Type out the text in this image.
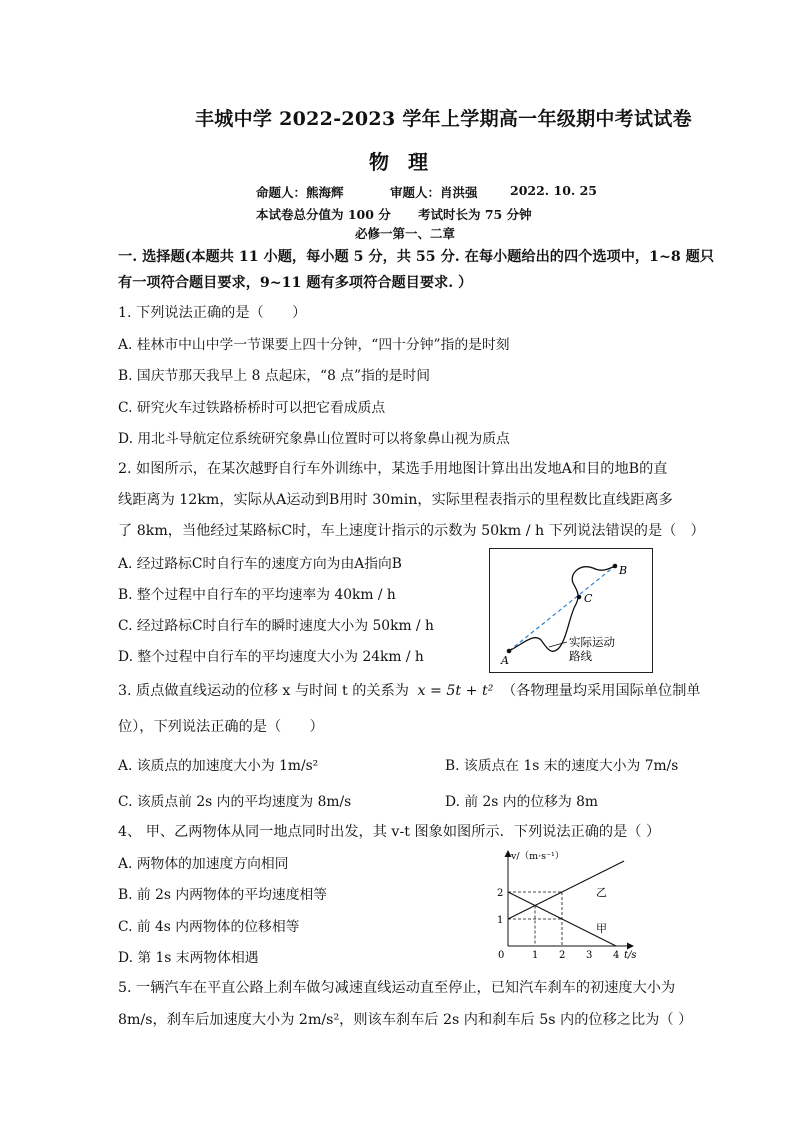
丰城中学 2022-2023 学年上学期高一年级期中考试试卷
物 理
命题人：熊海辉	审题人：肖洪强	2022. 10. 25
本试卷总分值为 100 分 考试时长为 75 分钟
必修一第一、二章
一. 选择题(本题共 11 小题，每小题 5 分，共 55 分. 在每小题给出的四个选项中，1~8 题只
有一项符合题目要求，9~11 题有多项符合题目要求. ）
1. 下列说法正确的是（　　）
A. 桂林市中山中学一节课要上四十分钟，“四十分钟”指的是时刻
B. 国庆节那天我早上 8 点起床，“8 点”指的是时间
C. 研究火车过铁路桥桥时可以把它看成质点
D. 用北斗导航定位系统研究象鼻山位置时可以将象鼻山视为质点
2. 如图所示，在某次越野自行车外训练中，某选手用地图计算出出发地A和目的地B的直
线距离为 12km，实际从A运动到B用时 30min，实际里程表指示的里程数比直线距离多
了 8km，当他经过某路标C时，车上速度计指示的示数为 50km / h 下列说法错误的是（　）
A. 经过路标C时自行车的速度方向为由A指向B
B. 整个过程中自行车的平均速率为 40km / h
C. 经过路标C时自行车的瞬时速度大小为 50km / h
D. 整个过程中自行车的平均速度大小为 24km / h	A
B
C
实际运动
路线
3. 质点做直线运动的位移 x 与时间 t 的关系为 x = 5t + t² （各物理量均采用国际单位制单
位），下列说法正确的是（　　）
A. 该质点的加速度大小为 1m/s²	B. 该质点在 1s 末的速度大小为 7m/s
C. 该质点前 2s 内的平均速度为 8m/s	D. 前 2s 内的位移为 8m
4、 甲、乙两物体从同一地点同时出发，其 v-t 图象如图所示．下列说法正确的是（ ）
A. 两物体的加速度方向相同
B. 前 2s 内两物体的平均速度相等
C. 前 4s 内两物体的位移相等
D. 第 1s 末两物体相遇
v/（m·s⁻¹）
t/s
0	1 2 3 4
1
2	乙
甲
5. 一辆汽车在平直公路上刹车做匀减速直线运动直至停止，已知汽车刹车的初速度大小为
8m/s，刹车后加速度大小为 2m/s²，则该车刹车后 2s 内和刹车后 5s 内的位移之比为（ ）
